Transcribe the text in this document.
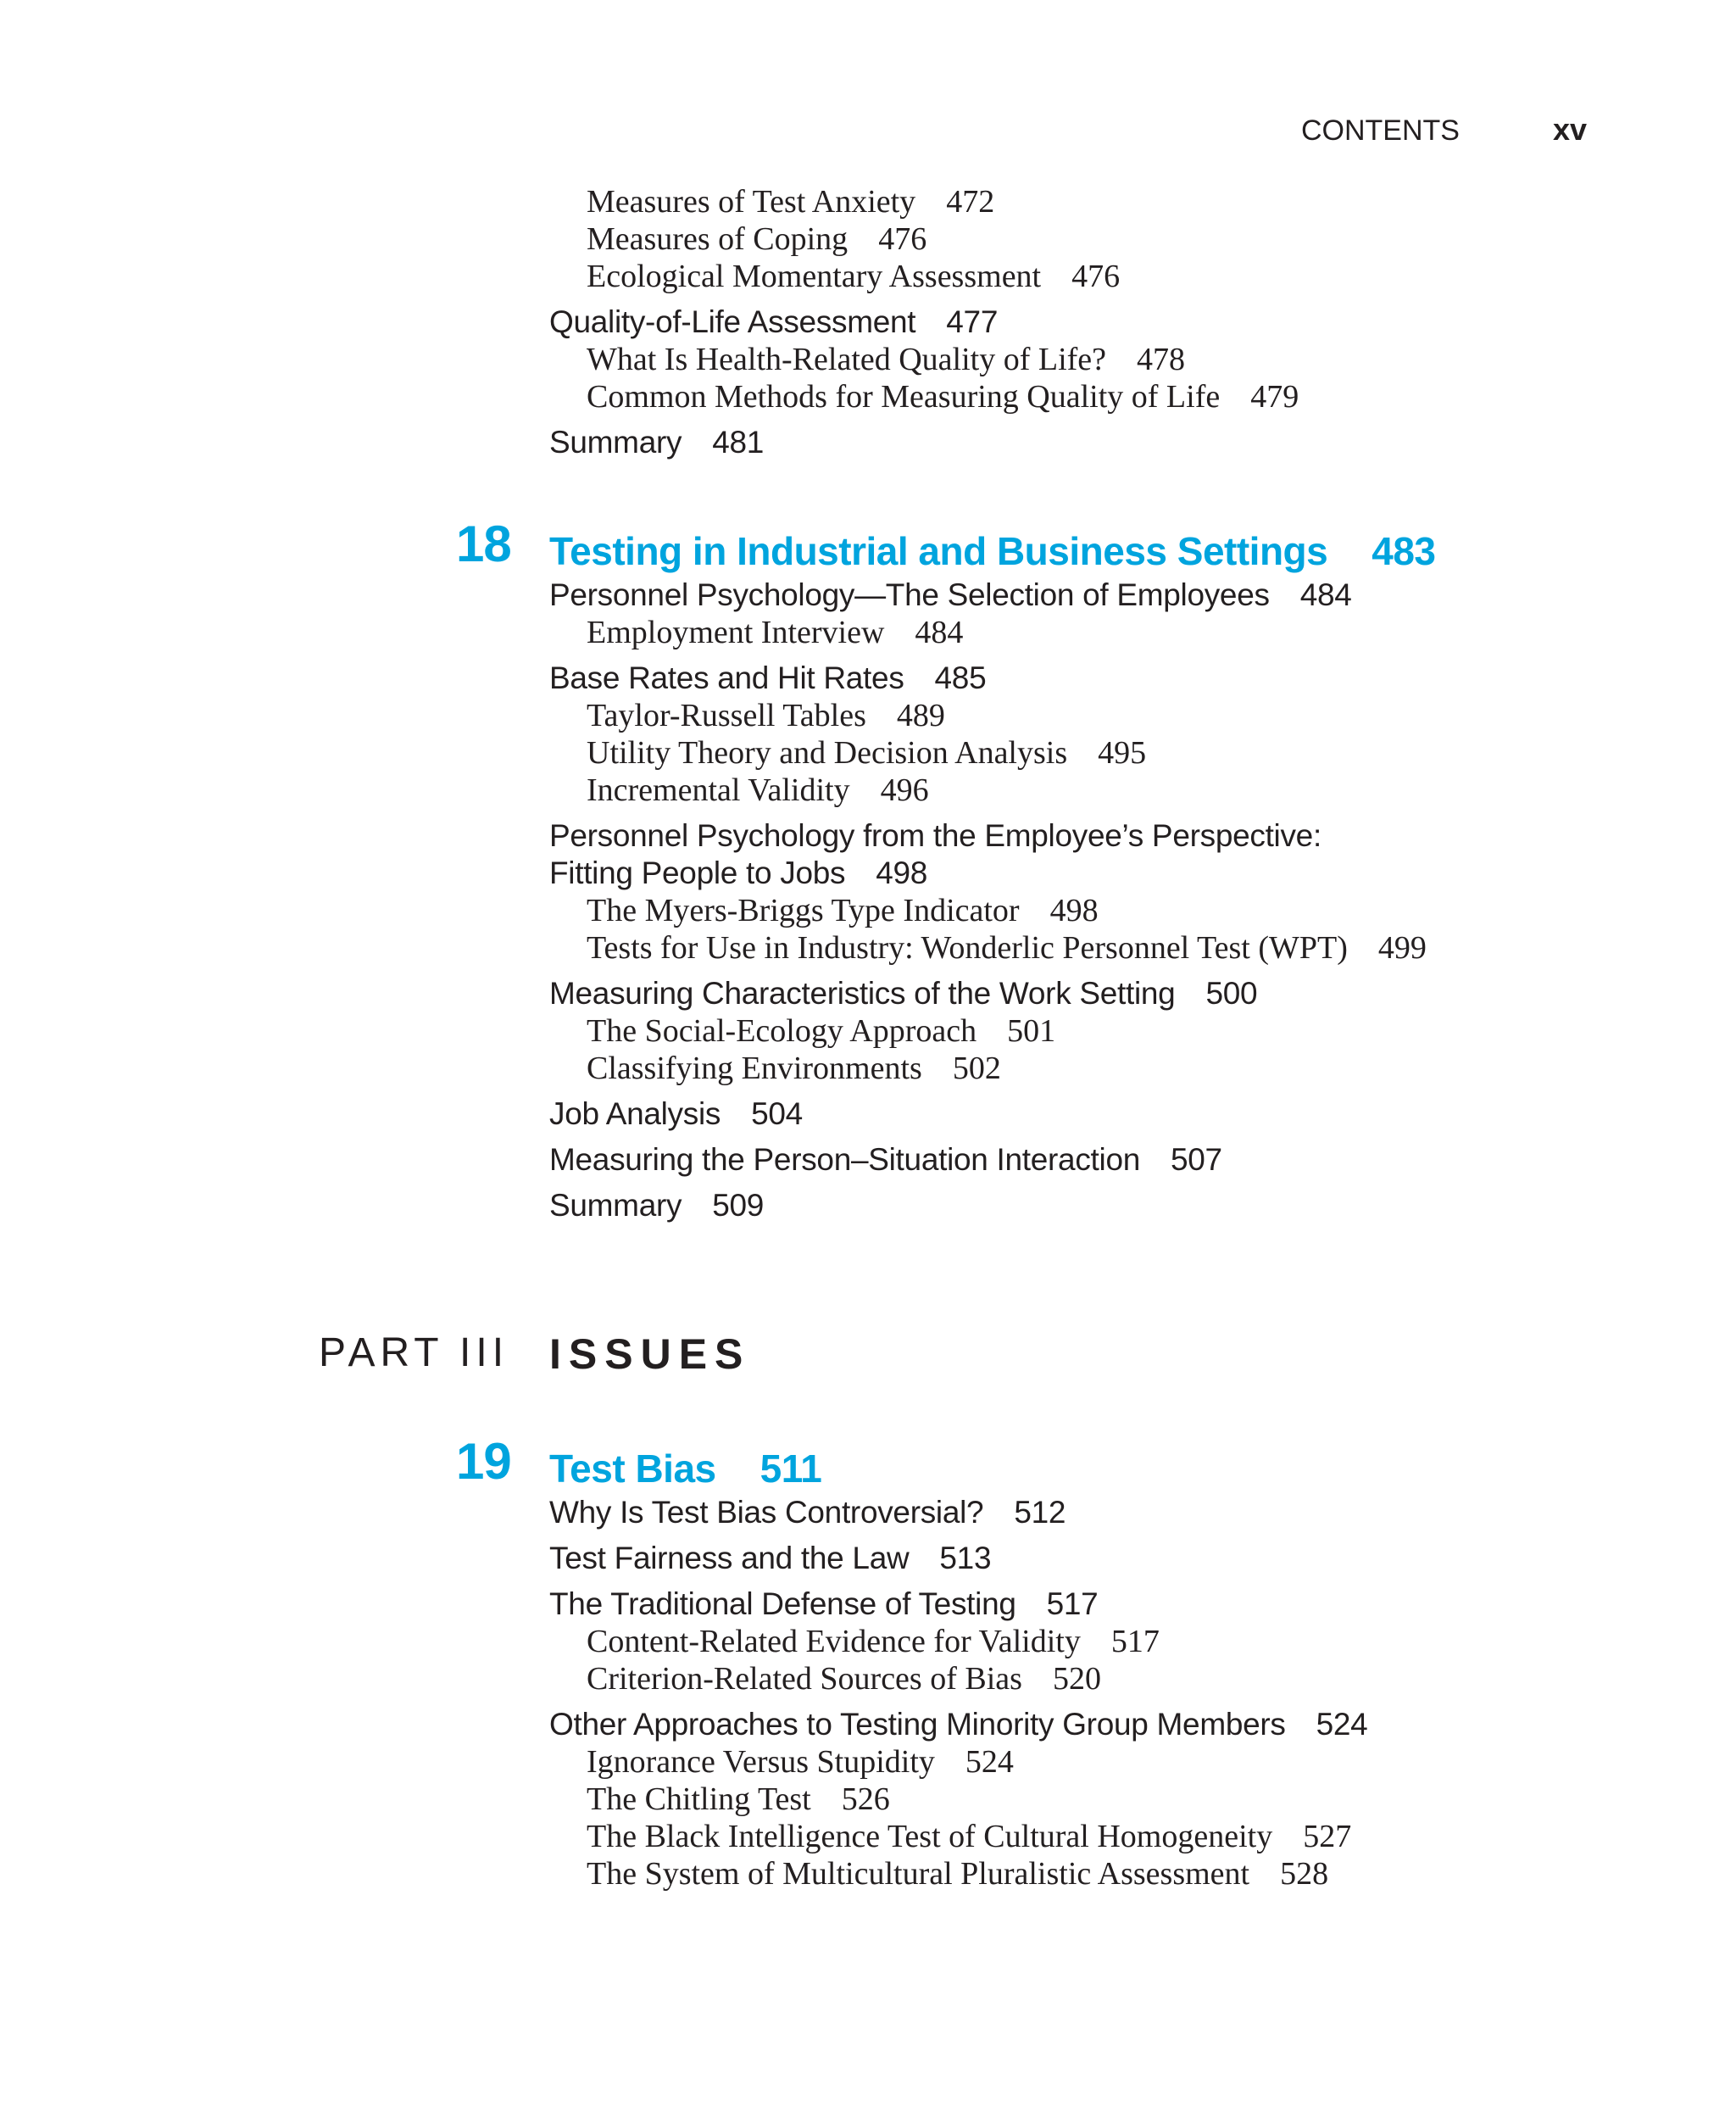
CONTENTS	xv
Measures of Test Anxiety 472
Measures of Coping 476
Ecological Momentary Assessment 476
Quality-of-Life Assessment 477
What Is Health-Related Quality of Life? 478
Common Methods for Measuring Quality of Life 479
Summary 481
18 Testing in Industrial and Business Settings 483
Personnel Psychology—The Selection of Employees 484
Employment Interview 484
Base Rates and Hit Rates 485
Taylor-Russell Tables 489
Utility Theory and Decision Analysis 495
Incremental Validity 496
Personnel Psychology from the Employee’s Perspective:
Fitting People to Jobs 498
The Myers-Briggs Type Indicator 498
Tests for Use in Industry: Wonderlic Personnel Test (WPT) 499
Measuring Characteristics of the Work Setting 500
The Social-Ecology Approach 501
Classifying Environments 502
Job Analysis 504
Measuring the Person–Situation Interaction 507
Summary 509
PART III ISSUES
19 Test Bias 511
Why Is Test Bias Controversial? 512
Test Fairness and the Law 513
The Traditional Defense of Testing 517
Content-Related Evidence for Validity 517
Criterion-Related Sources of Bias 520
Other Approaches to Testing Minority Group Members 524
Ignorance Versus Stupidity 524
The Chitling Test 526
The Black Intelligence Test of Cultural Homogeneity 527
The System of Multicultural Pluralistic Assessment 528
